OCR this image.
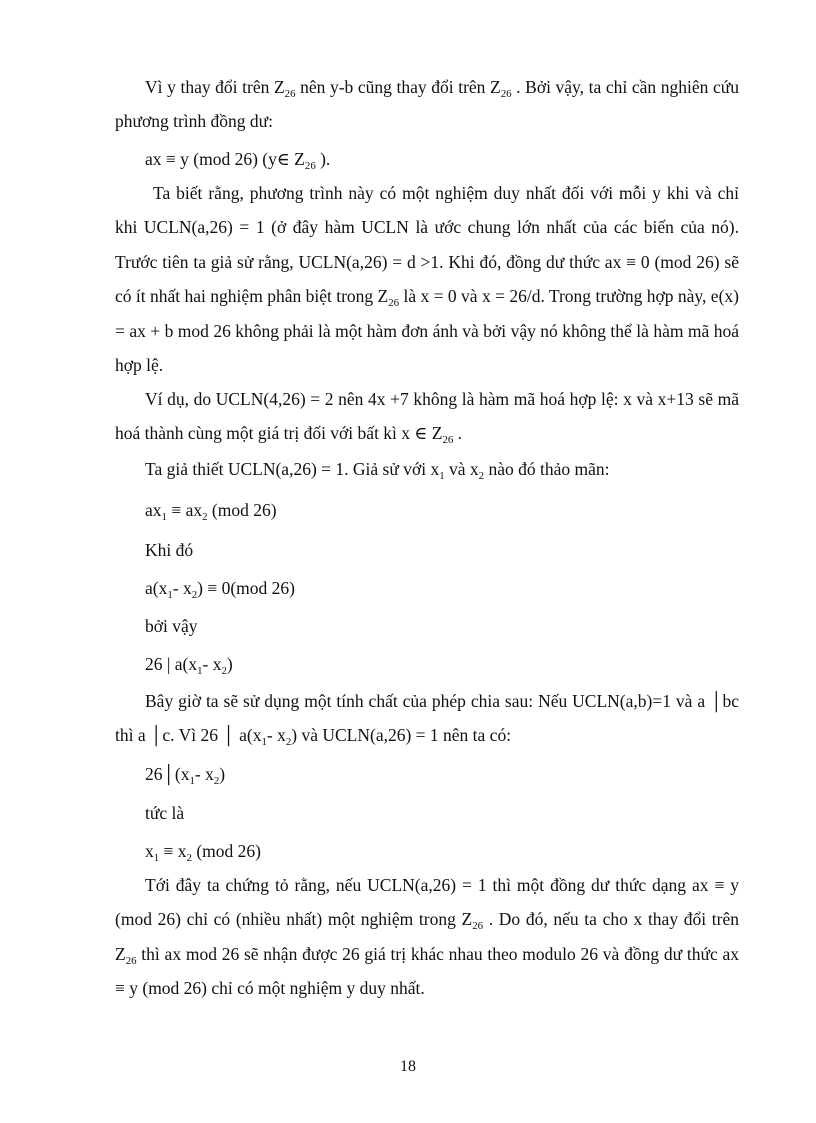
Vì y thay đổi trên $Z_{26}$ nên y-b cũng thay đổi trên $Z_{26}$ . Bởi vậy, ta chỉ cần nghiên cứu phương trình đồng dư:

ax ≡ y (mod 26) (y∈ $Z_{26}$ ).

Ta biết rằng, phương trình này có một nghiệm duy nhất đối với mỗi y khi và chỉ khi UCLN(a,26) = 1 (ở đây hàm UCLN là ước chung lớn nhất của các biến của nó). Trước tiên ta giả sử rằng, UCLN(a,26) = d >1. Khi đó, đồng dư thức ax ≡ 0 (mod 26) sẽ có ít nhất hai nghiệm phân biệt trong $Z_{26}$ là x = 0 và x = 26/d. Trong trường hợp này, e(x) = ax + b mod 26 không phải là một hàm đơn ánh và bởi vậy nó không thể là hàm mã hoá hợp lệ.

Ví dụ, do UCLN(4,26) = 2 nên 4x +7 không là hàm mã hoá hợp lệ: x và x+13 sẽ mã hoá thành cùng một giá trị đối với bất kì x ∈ $Z_{26}$ .

Ta giả thiết UCLN(a,26) = 1. Giả sử với $x_1$ và $x_2$ nào đó thảo mãn:

$ax_1 \equiv ax_2$ (mod 26)

Khi đó

$a(x_1-$ $x_2) \equiv 0(mod$ 26)

bởi vậy

26 | $a(x_1-$ $x_2$)

Bây giờ ta sẽ sử dụng một tính chất của phép chia sau: Nếu UCLN(a,b)=1 và a │bc thì a │c. Vì 26 │ $a(x_1-$ $x_2$) và UCLN(a,26) = 1 nên ta có:

$26│(x_1-$ $x_2$)

tức là

$x_1 \equiv x_2$ (mod 26)

Tới đây ta chứng tỏ rằng, nếu UCLN(a,26) = 1 thì một đồng dư thức dạng ax ≡ y (mod 26) chỉ có (nhiều nhất) một nghiệm trong $Z_{26}$ . Do đó, nếu ta cho x thay đổi trên $Z_{26}$ thì ax mod 26 sẽ nhận được 26 giá trị khác nhau theo modulo 26 và đồng dư thức ax ≡ y (mod 26) chỉ có một nghiệm y duy nhất.

18
